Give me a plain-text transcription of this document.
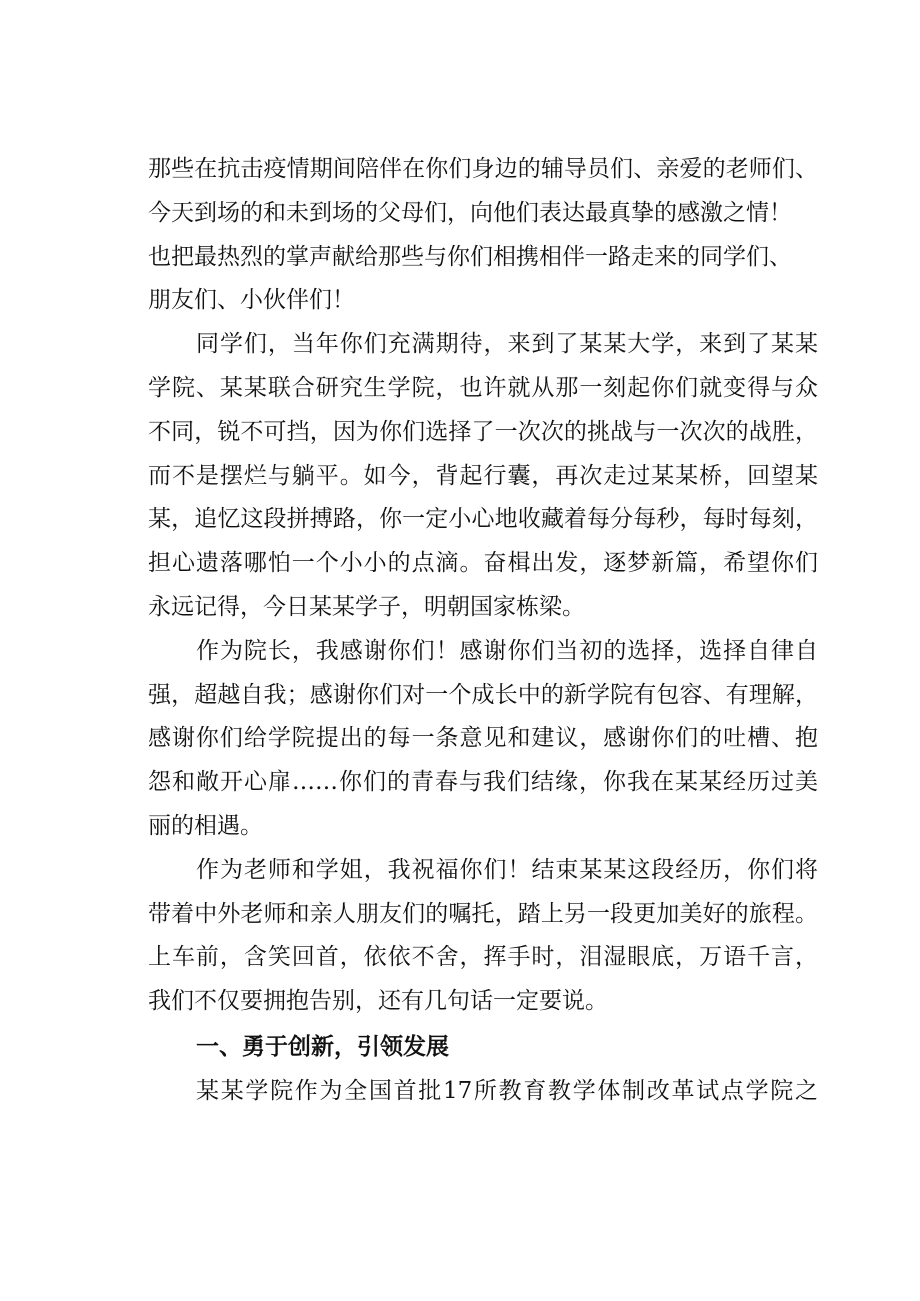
那些在抗击疫情期间陪伴在你们身边的辅导员们、亲爱的老师们、
今天到场的和未到场的父母们，向他们表达最真挚的感激之情！
也把最热烈的掌声献给那些与你们相携相伴一路走来的同学们、
朋友们、小伙伴们！
同学们，当年你们充满期待，来到了某某大学，来到了某某
学院、某某联合研究生学院，也许就从那一刻起你们就变得与众
不同，锐不可挡，因为你们选择了一次次的挑战与一次次的战胜，
而不是摆烂与躺平。如今，背起行囊，再次走过某某桥，回望某
某，追忆这段拼搏路，你一定小心地收藏着每分每秒，每时每刻，
担心遗落哪怕一个小小的点滴。奋楫出发，逐梦新篇，希望你们
永远记得，今日某某学子，明朝国家栋梁。
作为院长，我感谢你们！感谢你们当初的选择，选择自律自
强，超越自我；感谢你们对一个成长中的新学院有包容、有理解，
感谢你们给学院提出的每一条意见和建议，感谢你们的吐槽、抱
怨和敞开心扉……你们的青春与我们结缘，你我在某某经历过美
丽的相遇。
作为老师和学姐，我祝福你们！结束某某这段经历，你们将
带着中外老师和亲人朋友们的嘱托，踏上另一段更加美好的旅程。
上车前，含笑回首，依依不舍，挥手时，泪湿眼底，万语千言，
我们不仅要拥抱告别，还有几句话一定要说。
一、勇于创新，引领发展
某某学院作为全国首批17所教育教学体制改革试点学院之
